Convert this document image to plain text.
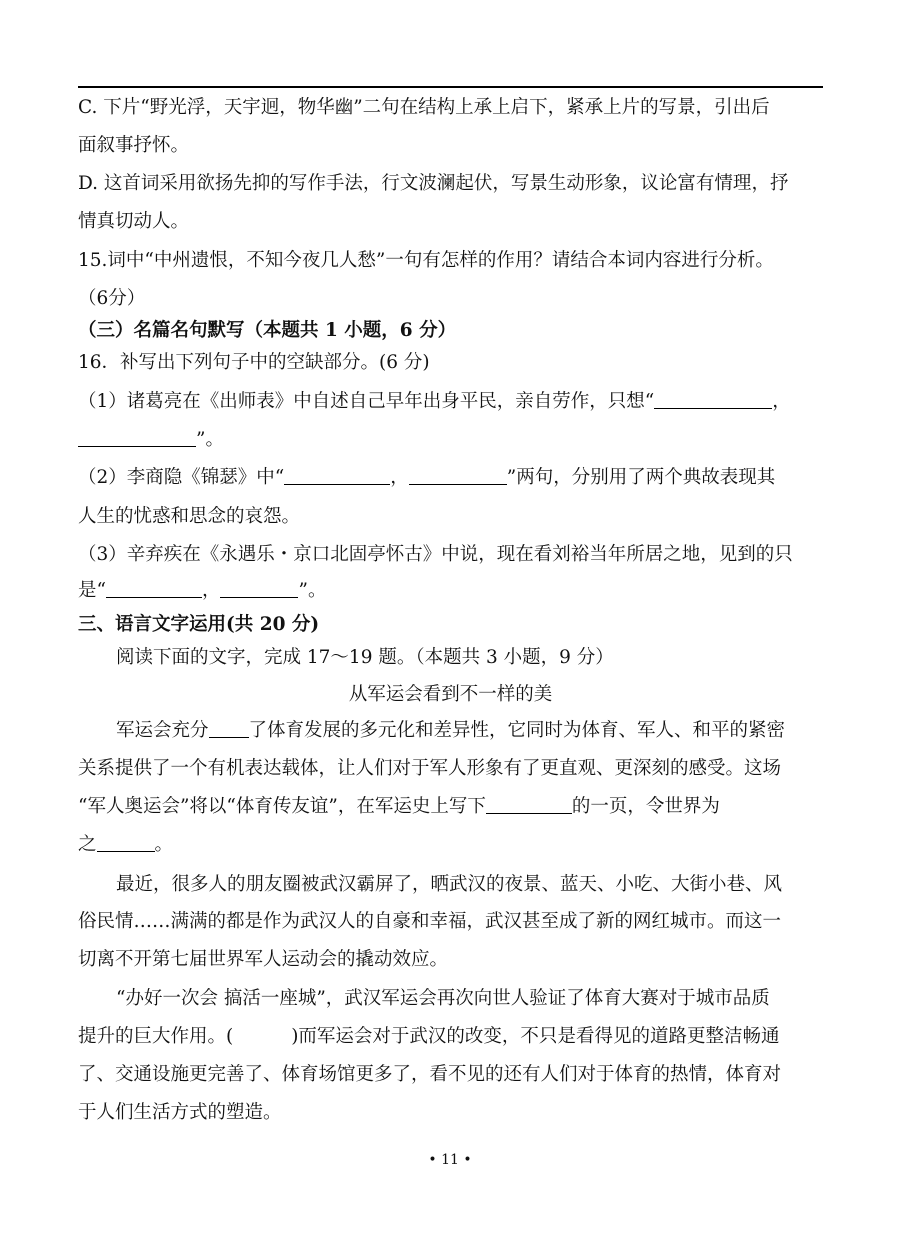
C. 下片“野光浮，天宇迥，物华幽”二句在结构上承上启下，紧承上片的写景，引出后
面叙事抒怀。
D. 这首词采用欲扬先抑的写作手法，行文波澜起伏，写景生动形象，议论富有情理，抒
情真切动人。
15.词中“中州遗恨，不知今夜几人愁”一句有怎样的作用？请结合本词内容进行分析。
（6分）
（三）名篇名句默写（本题共 1 小题，6 分）
16．补写出下列句子中的空缺部分。(6 分)
（1）诸葛亮在《出师表》中自述自己早年出身平民，亲自劳作，只想“	，
”。
（2）李商隐《锦瑟》中“	，	”两句，分别用了两个典故表现其
人生的忧惑和思念的哀怨。
（3）辛弃疾在《永遇乐・京口北固亭怀古》中说，现在看刘裕当年所居之地，见到的只
是“	，	”。
三、语言文字运用(共 20 分)
阅读下面的文字，完成 17～19 题。（本题共 3 小题，9 分）
从军运会看到不一样的美
军运会充分 了体育发展的多元化和差异性，它同时为体育、军人、和平的紧密
关系提供了一个有机表达载体，让人们对于军人形象有了更直观、更深刻的感受。这场
“军人奥运会”将以“体育传友谊”，在军运史上写下	的一页，令世界为
之	。
最近，很多人的朋友圈被武汉霸屏了，晒武汉的夜景、蓝天、小吃、大街小巷、风
俗民情……满满的都是作为武汉人的自豪和幸福，武汉甚至成了新的网红城市。而这一
切离不开第七届世界军人运动会的撬动效应。
“办好一次会 搞活一座城”，武汉军运会再次向世人验证了体育大赛对于城市品质
提升的巨大作用。(	)而军运会对于武汉的改变，不只是看得见的道路更整洁畅通
了、交通设施更完善了、体育场馆更多了，看不见的还有人们对于体育的热情，体育对
于人们生活方式的塑造。
• 11 •
